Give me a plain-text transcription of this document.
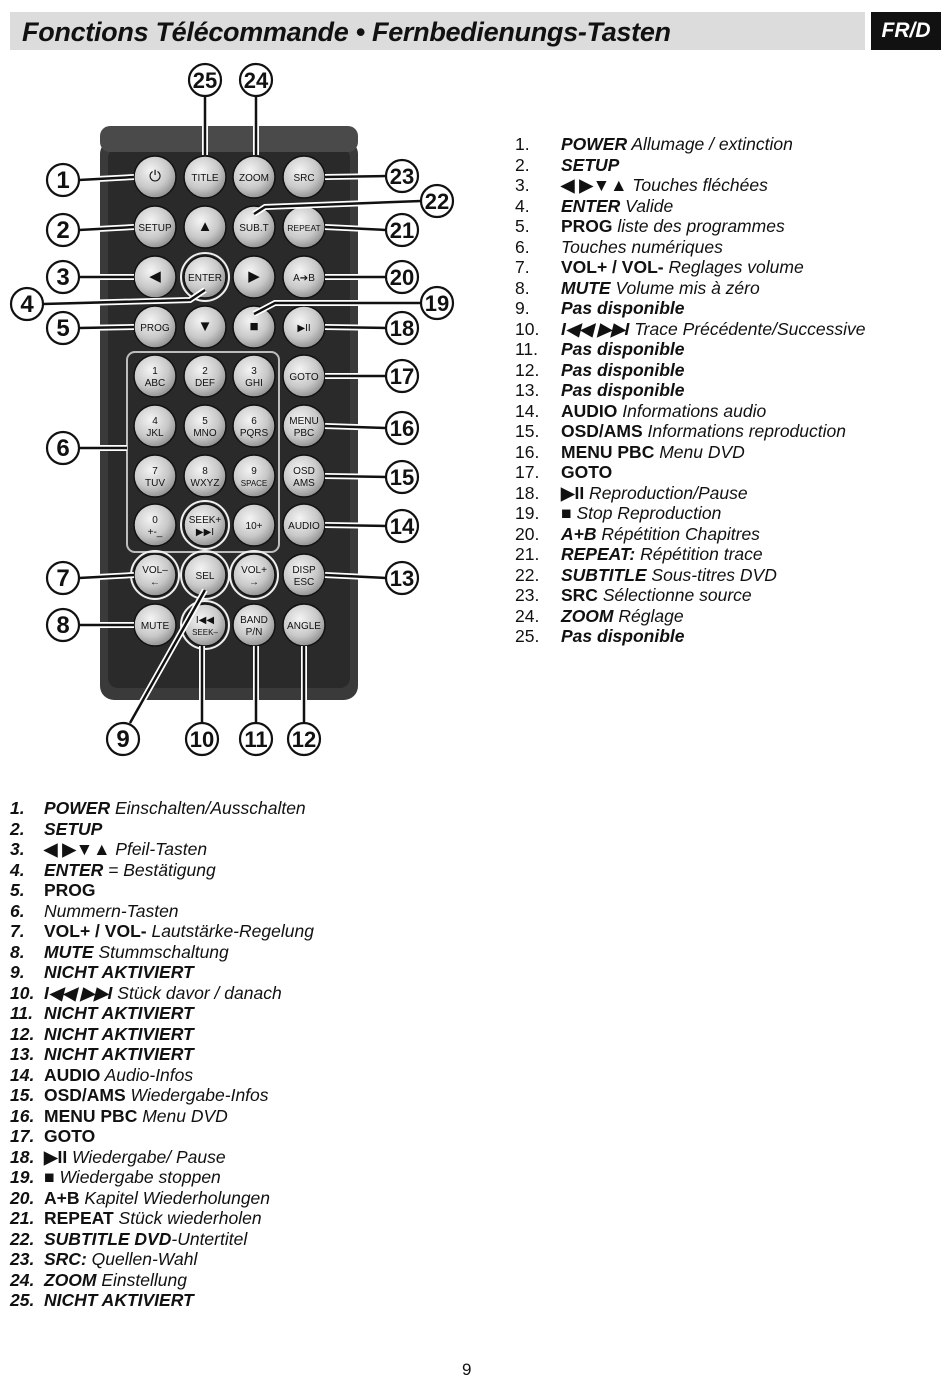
Fonctions Télécommande • Fernbedienungs-Tasten	FR/D
⏻	TITLE ZOOM SRC
SETUP ▲	SUB.T REPEAT
◀	ENTER ▶	A➔B
PROG ▼ ■	▶II
1
ABC
2
DEF
3
GHI
GOTO
4
JKL
5
MNO
6
PQRS
MENU
PBC
7
TUV
8
WXYZ
9
SPACE
OSD
AMS
0
+-_
SEEK+
▶▶I
10+	AUDIO
VOL–
←
SEL
VOL+
→
DISP
ESC
MUTE
I◀◀
SEEK–
BAND
P/N
ANGLE
1
2
3
4
5
6
7
8
9	10 11 12
13
14
15
16
17
18
19
20
21
22
23
24
25
1. POWER Allumage / extinction
2. SETUP
3. ◀ ▶▼▲ Touches fléchées
4. ENTER Valide
5. PROG liste des programmes
6. Touches numériques
7. VOL+ / VOL- Reglages volume
8. MUTE Volume mis à zéro
9. Pas disponible
10. I◀◀ ▶▶I Trace Précédente/Successive
11. Pas disponible
12. Pas disponible
13. Pas disponible
14. AUDIO Informations audio
15. OSD/AMS Informations reproduction
16. MENU PBC Menu DVD
17. GOTO
18. ▶II Reproduction/Pause
19. ■ Stop Reproduction
20. A+B Répétition Chapitres
21. REPEAT: Répétition trace
22. SUBTITLE Sous-titres DVD
23. SRC Sélectionne source
24. ZOOM Réglage
25. Pas disponible
1. POWER Einschalten/Ausschalten
2. SETUP
3. ◀ ▶▼▲ Pfeil-Tasten
4. ENTER = Bestätigung
5. PROG
6. Nummern-Tasten
7. VOL+ / VOL- Lautstärke-Regelung
8. MUTE Stummschaltung
9. NICHT AKTIVIERT
10. I◀◀ ▶▶I Stück davor / danach
11. NICHT AKTIVIERT
12. NICHT AKTIVIERT
13. NICHT AKTIVIERT
14. AUDIO Audio-Infos
15. OSD/AMS Wiedergabe-Infos
16. MENU PBC Menu DVD
17. GOTO
18. ▶II Wiedergabe/ Pause
19. ■ Wiedergabe stoppen
20. A+B Kapitel Wiederholungen
21. REPEAT Stück wiederholen
22. SUBTITLE DVD-Untertitel
23. SRC: Quellen-Wahl
24. ZOOM Einstellung
25. NICHT AKTIVIERT
9
